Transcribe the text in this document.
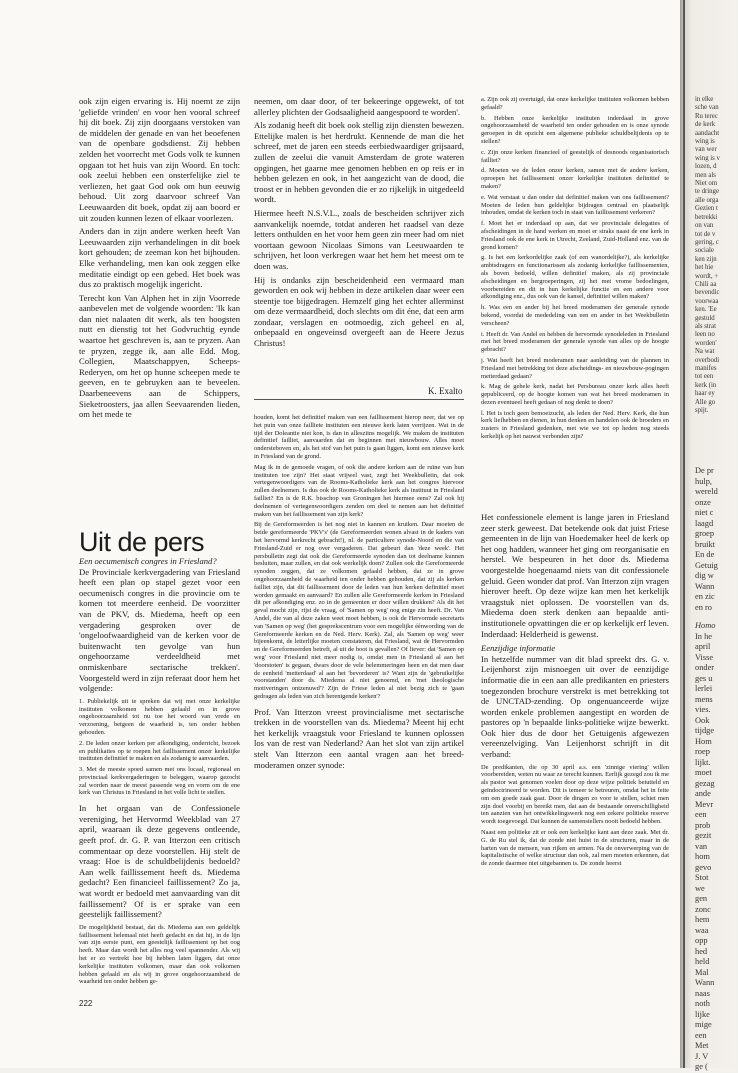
ook zijn eigen ervaring is. Hij noemt ze zijn 'geliefde vrinden' en voor hen vooral schreef hij dit boek. Zij zijn doorgaans verstoken van de middelen der genade en van het beoefenen van de openbare godsdienst. Zij hebben zelden het voorrecht met Gods volk te kunnen opgaan tot het huis van zijn Woord. En toch: ook zeelui hebben een onsterfelijke ziel te verliezen, het gaat God ook om hun eeuwig behoud. Uit zorg daarvoor schreef Van Leeuwaarden dit boek, opdat zij aan boord er uit zouden kunnen lezen of elkaar voorlezen.

Anders dan in zijn andere werken heeft Van Leeuwaarden zijn verhandelingen in dit boek kort gehouden; de zeeman kon het bijhouden. Elke verhandeling, men kan ook zeggen elke meditatie eindigt op een gebed. Het boek was dus zo praktisch mogelijk ingericht.

Terecht kon Van Alphen het in zijn Voorrede aanbevelen met de volgende woorden: 'Ik kan dan niet nalaaten dit werk, als ten hoogsten nutt en dienstig tot het Godvruchtig eynde waartoe het geschreven is, aan te pryzen. Aan te pryzen, zegge ik, aan alle Edd. Mog. Collegien, Maatschappyen, Scheeps-Rederyen, om het op hunne scheepen mede te geeven, en te gebruyken aan te beveelen. Daarbeneevens aan de Schippers, Sieketroosters, jaa allen Seevaarenden lieden, om het mede te

neemen, om daar door, of ter bekeeringe opgewekt, of tot allerley plichten der Godsaaligheid aangespoord te worden'.

Als zodanig heeft dit boek ook stellig zijn diensten bewezen. Ettelijke malen is het herdrukt. Kennende de man die het schreef, met de jaren een steeds eerbiedwaardiger grijsaard, zullen de zeelui die vanuit Amsterdam de grote wateren opgingen, het gaarne mee genomen hebben en op reis er in hebben gelezen en ook, in het aangezicht van de dood, die troost er in hebben gevonden die er zo rijkelijk in uitgedeeld wordt.

Hiermee heeft N.S.V.L., zoals de bescheiden schrijver zich aanvankelijk noemde, totdat anderen het raadsel van deze letters onthulden en het voor hem geen zin meer had om niet voortaan gewoon Nicolaas Simons van Leeuwaarden te schrijven, het loon verkregen waar het hem het meest om te doen was.

Hij is ondanks zijn bescheidenheid een vermaard man geworden en ook wij hebben in deze artikelen daar weer een steentje toe bijgedragen. Hemzelf ging het echter allerminst om deze vermaardheid, doch slechts om dit éne, dat een arm zondaar, verslagen en ootmoedig, zich geheel en al, onbepaald en ongeveinsd overgeeft aan de Heere Jezus Christus!

K. Exalto

a. Zijn ook zij overtuigd, dat onze kerkelijke instituten volkomen hebben gefaald?

b. Hebben onze kerkelijke instituten inderdaad in grove ongehoorzaamheid de waarheid ten onder gehouden en is onze synode geroepen in dit opzicht een algemene publieke schuldbelijdenis op te stellen?

c. Zijn onze kerken financieel of geestelijk of desnoods organisatorisch failliet?

d. Moeten we de leden onzer kerken, samen met de andere kerken, oproepen het faillissement onzer kerkelijke instituten definitief te maken?

e. Wat verstaat u dan onder dat definitief maken van ons faillissement? Moeten de leden hun geldelijke bijdragen centraal en plaatselijk inhouden, omdat de kerken toch in staat van faillissement verkeren?

f. Moet het er inderdaad op aan, dat we provinciale delegaties of afscheidingen in de hand werken en moet er straks naast de ene kerk in Friesland ook de ene kerk in Utrecht, Zeeland, Zuid-Holland enz. van de grond komen?

g. Is het een kerkordelijke zaak (of een wanordelijke?), als kerkelijke ambtsdragers en functionarissen als zodanig kerkelijke faillissementen, als boven bedoeld, willen definitief maken, als zij provinciale afscheidingen en hergroeperingen, zij het met vrome bedoelingen, voorbereiden en dit in hun kerkelijke functie en een andere voor afkondiging enz., dus ook van de kansel, definitief willen maken?

h. Was een en ander bij het breed moderamen der generale synode bekend, voordat de mededeling van een en ander in het Weekbulletin verscheen?

i. Heeft dr. Van Andel en hebben de hervormde synodeleden in Friesland met het breed moderamen der generale synode van alles op de hoogte gebracht?

j. Wat heeft het breed moderamen naar aanleiding van de plannen in Friesland met betrekking tot deze afscheidings- en nieuwbouw-pogingen metterdaad gedaan?

k. Mag de gehele kerk, nadat het Persbureau onzer kerk alles heeft gepubliceerd, op de hoogte komen van wat het breed moderamen in dezen eventueel heeft gedaan of nog denkt te doen?

l. Het is toch geen bemoeizucht, als leden der Ned. Herv. Kerk, die hun kerk liefhebben en dienen, in hun denken en handelen ook de broeders en zusters in Friesland gedenken, met wie we tot op heden nog steeds kerkelijk op het nauwst verbonden zijn?

Uit de pers

Een oecumenisch congres in Friesland?

De Provinciale kerkvergadering van Friesland heeft een plan op stapel gezet voor een oecumenisch congres in die provincie om te komen tot meerdere eenheid. De voorzitter van de PKV, ds. Miedema, heeft op een vergadering gesproken over de 'ongeloofwaardigheid van de kerken voor de buitenwacht ten gevolge van hun ongehoorzame verdeeldheid met onmiskenbare sectarische trekken'. Voorgesteld werd in zijn referaat door hem het volgende:

1. Publiekelijk uit te spreken dat wij met onze kerkelijke instituten volkomen hebben gefaald en in grove ongehoorzaamheid tot nu toe het woord van vrede en verzoening, betgeen de waarheid is, ten onder hebben gehouden.

2. De leden onzer kerken per afkondiging, onderricht, bezoek en publikaties op te roepen het faillissement onzer kerkelijke instituten definitief te maken en als zodanig te aanvaarden.

3. Met de meeste spoed samen met ons locaal, regionaal en provinciaal kerkvergaderingen te beleggen, waarop gezocht zal worden naar de meest passende weg en vorm om de ene kerk van Christus in Friesland in het volle licht te stellen.

In het orgaan van de Confessionele vereniging, het Hervormd Weekblad van 27 april, waaraan ik deze gegevens ontleende, geeft prof. dr. G. P. van Itterzon een critisch commentaar op deze voorstellen. Hij stelt de vraag: Hoe is de schuldbelijdenis bedoeld? Aan welk faillissement heeft ds. Miedema gedacht? Een financieel faillissement? Zo ja, wat wordt er bedoeld met aanvaarding van dit faillissement? Of is er sprake van een geestelijk faillissement?

De mogelijkheid bestaat, dat ds. Miedema aan een geldelijk faillissement helemaal niet heeft gedacht en dat hij, in de lijn van zijn eerste punt, een geestelijk faillissement op het oog heeft. Maar dan wordt het alles nog veel spannender. Als wij het er zo vertrekt hoe bij hebben laten liggen, dat onze kerkelijke instituten volkomen, maar dan ook volkomen hebben gefaald en als wij in grove ongehoorzaamheid de waarheid ten onder hebben ge-

houden, komt het definitief maken van een faillissement hierop neer, dat we op het puin van onze failliete instituten een nieuwe kerk laten verrijzen. Wat in de tijd der Doleantie niet kon, is dan in allesziins mogelijk. We maken de instituten definitief failliet, aanvaarden dat en beginnen met nieuwbouw. Alles moet ondersteboven en, als het stof van het puin is gaan liggen, komt een nieuwe kerk in Friesland van de grond.

Mag ik in de gemoede vragen, of ook die andere kerken aan de ruïne van hun instituten toe zijn? Het staat vrijwel vast, zegt het Weekbulletin, dat ook vertegenwoordigers van de Rooms-Katholieke kerk aan het congres hiervoor zullen deelnemen. Is dus ook de Rooms-Katholieke kerk als instituut in Friesland failliet? En is de R.K. bisschop van Groningen het hiermee eens? Zal ook hij deelnemen of vertegenwoordigers zenden om deel te nemen aan het definitief maken van het faillissement van zijn kerk?

Bij de Gereformeerden is het nog niet in kannen en kruiken. Daar moeten de beide gereformeerde 'PKV's' (de Gereformeerden wonen alvast in de kaders van het hervormd kerkrecht gebracht!), nl. de particuliere synode-Noord en die van Friesland-Zuid er nog over vergaderen. Dat gebeurt dan 'deze week'. Het persbulletin zegt dat ook die Gereformeerde synoden dan tot deelname kunnen besluiten, maar zullen, en dat ook werkelijk doen? Zullen ook die Gereformeerde synoden zeggen, dat ze volkomen gefaald hebben, dat ze in grove ongehoorzaamheid de waarheid ten onder hebben gehouden, dat zij als kerken failliet zijn, dat dit faillissement door de leden van hun kerken definitief moet worden gemaakt en aanvaard? En zullen alle Gereformeerde kerken in Friesland dit per afkondiging enz. zo in de gemeenten er door willen drukken? Als dit het geval mocht zijn, rijst de vraag, of 'Samen op weg' nog enige zin heeft. Dr. Van Andel, die van al deze zaken weet moet hebben, is ook de Hervormde secretaris van 'Samen op weg' (het gesprekscentrum voor een mogelijke éénwording van de Gereformeerde kerken en de Ned. Herv. Kerk). Zal, als 'Samen op weg' weer bijeenkomt, de letterlijke moeten constateren, dat Friesland, wat de Hervormden en de Gereformeerden betreft, al uit de boot is gevallen? Of liever: dat 'Samen op weg' voor Friesland niet meer nodig is, omdat men in Friesland al aan het 'doorstoten' is gegaan, dwars door de vele belemmeringen heen en dat men daar de eenheid 'metterdaad' al aan het 'bevorderen' is? Want zijn de 'gebruikelijke voorstanden' door ds. Miedema al niet genoemd, en 'met theologische motiveringen ontzenuwd'? Zijn de Friese leden al niet bezig zich te 'gaan gedragen als leden van zich herenigende kerken'?

Prof. Van Itterzon vreest provincialisme met sectarische trekken in de voorstellen van ds. Miedema? Meent hij echt het kerkelijk vraagstuk voor Friesland te kunnen oplossen los van de rest van Nederland? Aan het slot van zijn artikel stelt Van Itterzon een aantal vragen aan het breed-moderamen onzer synode:

Het confessionele element is lange jaren in Friesland zeer sterk geweest. Dat betekende ook dat juist Friese gemeenten in de lijn van Hoedemaker heel de kerk op het oog hadden, wanneer het ging om reorganisatie en herstel. We bespeuren in het door ds. Miedema voorgestelde hoegenaamd niets van dit confessionele geluid. Geen wonder dat prof. Van Itterzon zijn vragen hierover heeft. Op deze wijze kan men het kerkelijk vraagstuk niet oplossen. De voorstellen van ds. Miedema doen sterk denken aan bepaalde anti-institutionele opvattingen die er op kerkelijk erf leven. Inderdaad: Helderheid is gewenst.

Eenzijdige informatie

In hetzelfde nummer van dit blad spreekt drs. G. v. Leijenhorst zijn misnoegen uit over de eenzijdige informatie die in een aan alle predikanten en priesters toegezonden brochure verstrekt is met betrekking tot de UNCTAD-zending. Op ongenuanceerde wijze worden enkele problemen aangestipt en worden de pastores op 'n bepaalde links-politieke wijze bewerkt. Ook hier dus de door het Getuigenis afgewezen vereenzelviging. Van Leijenhorst schrijft in dit verband:

De predikanten, die op 30 april a.s. een 'zinnige viering' willen voorbereiden, weten nu waar ze terecht kunnen. Eerlijk gezegd zou ik me als pastor wat genomen voelen door op deze wijze politiek betutteld en geïndoctrineerd te worden. Dit is temeer te betreuren, omdat het in feite om een goede zaak gaat. Door de dingen zo voor te stellen, schiet men zijn doel voorbij en bereikt men, dat aan de bestaande onverschilligheid ten aanzien van het ontwikkelingswerk nog een zekere politieke reserve wordt toegevoegd. Dat kunnen de samenstellers nooit bedoeld hebben.

Naast een politieke zit er ook een kerkelijke kant aan deze zaak. Met dr. G. de Ru stel ik, dat de zonde niet huist in de structuren, maar in de harten van de mensen, van rijken en armen. Na de onverwerping van de kapitalistische of welke structuur dan ook, zal men moeten erkennen, dat de zonde daarmee niet uitgebannen is. De zonde heerst

222
in elke
sche van
Ru terec
de kerk
aandacht
wing is
van wer
wing is v
lozen, d
men als
Niet om
te dringe
alle orga
Gezien t
betrekki
on van
tot de v
gering, c
sociale
ken zijn
het hie
wordt, +
Chili aa
bevendic
voorwaa
ken. 'Ee
gestuld
als strat
leen no
worden'
Na wat
overbodi
manifes
tot een
kerk (in
haar ey
Alle go
spijt.
De pr
hulp,
wereld
onze
niet c
laagd
groep
bruikt
En de
Getuig
dig w
Wann
en zic
en ro
Homo
In he
april
Visse
onder
ges u
lerlei
mens
vies.
Ook
tijdge
Hom
roep
lijkt.
moet
gezag
ande
Mevr
een
prob
gezit
van
hom
gevo
Stot
we
gen
zonc
hem
waa
opp
hed
held
Mal
Wann
naas
noth
lijke
mige
een
Met
J. V
ge (
